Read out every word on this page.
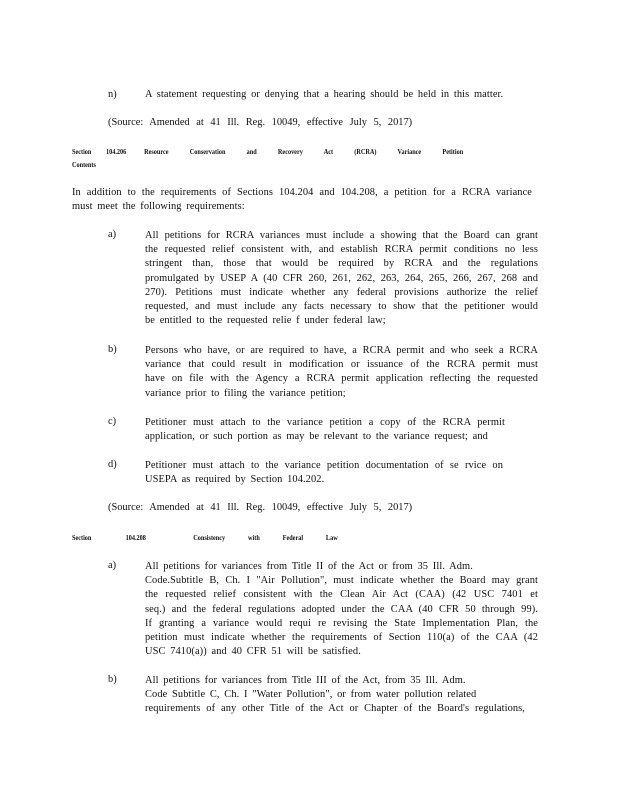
n)	A statement requesting or denying that a hearing should be held in this matter.
(Source: Amended at 41 Ill. Reg. 10049, effective July 5, 2017)
Section 104.206 Resource Conservation and Recovery Act (RCRA) Variance Petition
Contents
In addition to the requirements of Sections 104.204 and 104.208, a petition for a RCRA variance
must meet the following requirements:
a)	All petitions for RCRA variances must include a showing that the Board can grant
the requested relief consistent with, and establish RCRA permit conditions no less
stringent than, those that would be required by RCRA and the regulations
promulgated by USEP A (40 CFR 260, 261, 262, 263, 264, 265, 266, 267, 268 and
270). Petitions must indicate whether any federal provisions authorize the relief
requested, and must include any facts necessary to show that the petitioner would
be entitled to the requested relie f under federal law;
b)	Persons who have, or are required to have, a RCRA permit and who seek a RCRA
variance that could result in modification or issuance of the RCRA permit must
have on file with the Agency a RCRA permit application reflecting the requested
variance prior to filing the variance petition;
c)	Petitioner must attach to the variance petition a copy of the RCRA permit
application, or such portion as may be relevant to the variance request; and
d)	Petitioner must attach to the variance petition documentation of se rvice on
USEPA as required by Section 104.202.
(Source: Amended at 41 Ill. Reg. 10049, effective July 5, 2017)
Section	104.208	Consistency with Federal Law
a)	All petitions for variances from Title II of the Act or from 35 Ill. Adm.
Code.Subtitle B, Ch. I "Air Pollution", must indicate whether the Board may grant
the requested relief consistent with the Clean Air Act (CAA) (42 USC 7401 et
seq.) and the federal regulations adopted under the CAA (40 CFR 50 through 99).
If granting a variance would requi re revising the State Implementation Plan, the
petition must indicate whether the requirements of Section 110(a) of the CAA (42
USC 7410(a)) and 40 CFR 51 will be satisfied.
b)	All petitions for variances from Title III of the Act, from 35 Ill. Adm.
Code Subtitle C, Ch. I "Water Pollution", or from water pollution related
requirements of any other Title of the Act or Chapter of the Board's regulations,
